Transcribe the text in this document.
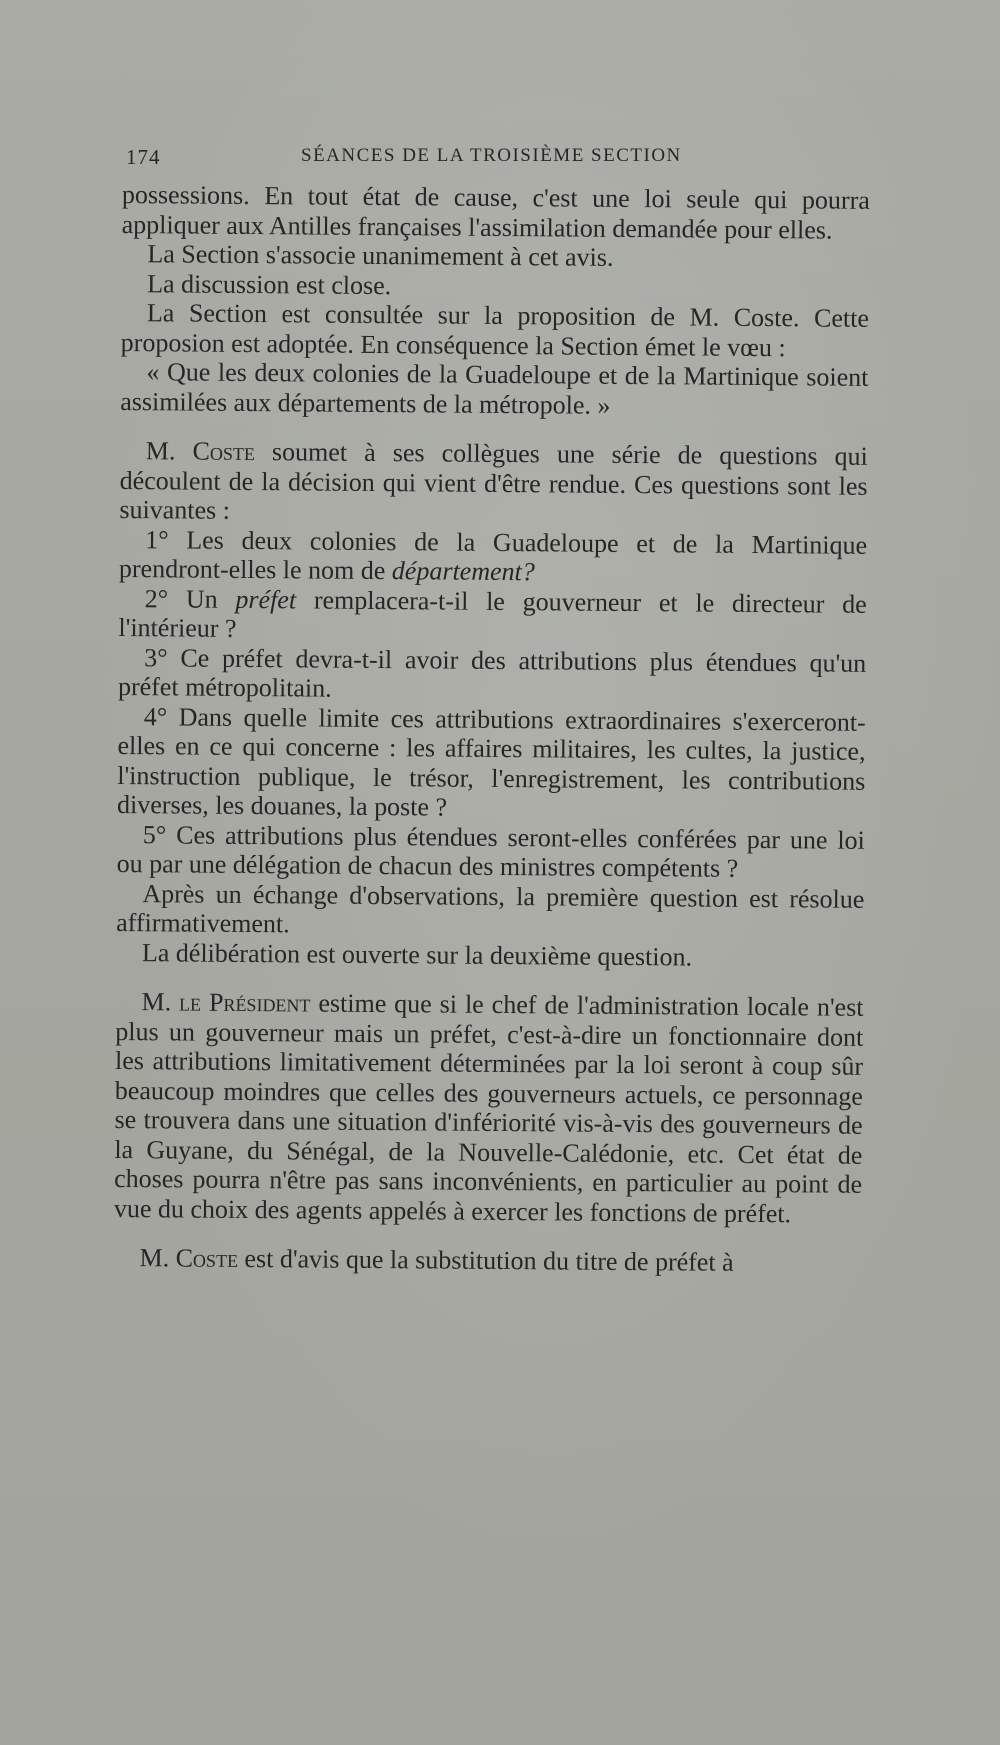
174	SÉANCES DE LA TROISIÈME SECTION

possessions. En tout état de cause, c'est une loi seule qui pourra appliquer aux Antilles françaises l'assimilation demandée pour elles.

La Section s'associe unanimement à cet avis.

La discussion est close.

La Section est consultée sur la proposition de M. Coste. Cette proposion est adoptée. En conséquence la Section émet le vœu :

« Que les deux colonies de la Guadeloupe et de la Martinique soient assimilées aux départements de la métropole. »

M. Coste soumet à ses collègues une série de questions qui découlent de la décision qui vient d'être rendue. Ces questions sont les suivantes :

1° Les deux colonies de la Guadeloupe et de la Martinique prendront-elles le nom de département?

2° Un préfet remplacera-t-il le gouverneur et le directeur de l'intérieur ?

3° Ce préfet devra-t-il avoir des attributions plus étendues qu'un préfet métropolitain.

4° Dans quelle limite ces attributions extraordinaires s'exerceront-elles en ce qui concerne : les affaires militaires, les cultes, la justice, l'instruction publique, le trésor, l'enregistrement, les contributions diverses, les douanes, la poste ?

5° Ces attributions plus étendues seront-elles conférées par une loi ou par une délégation de chacun des ministres compétents ?

Après un échange d'observations, la première question est résolue affirmativement.

La délibération est ouverte sur la deuxième question.

M. le Président estime que si le chef de l'administration locale n'est plus un gouverneur mais un préfet, c'est-à-dire un fonctionnaire dont les attributions limitativement déterminées par la loi seront à coup sûr beaucoup moindres que celles des gouverneurs actuels, ce personnage se trouvera dans une situation d'infériorité vis-à-vis des gouverneurs de la Guyane, du Sénégal, de la Nouvelle-Calédonie, etc. Cet état de choses pourra n'être pas sans inconvénients, en particulier au point de vue du choix des agents appelés à exercer les fonctions de préfet.

M. Coste est d'avis que la substitution du titre de préfet à
